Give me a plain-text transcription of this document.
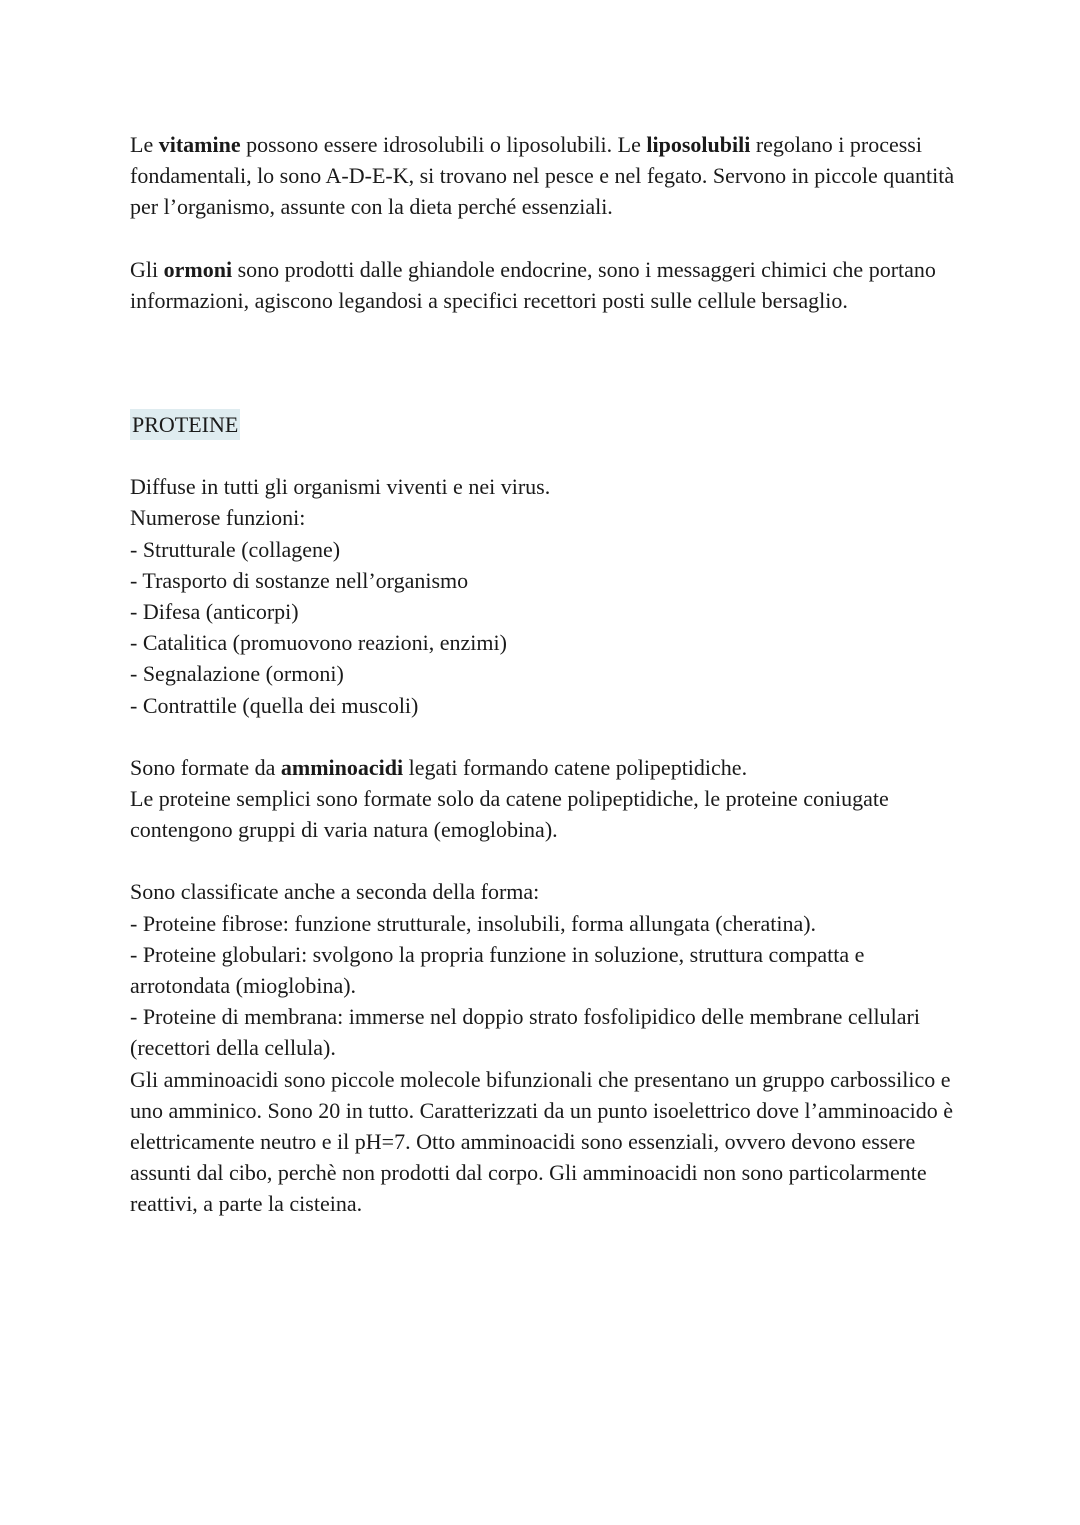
Le vitamine possono essere idrosolubili o liposolubili. Le liposolubili regolano i processi fondamentali, lo sono A-D-E-K, si trovano nel pesce e nel fegato. Servono in piccole quantità per l’organismo, assunte con la dieta perché essenziali.

Gli ormoni sono prodotti dalle ghiandole endocrine, sono i messaggeri chimici che portano informazioni, agiscono legandosi a specifici recettori posti sulle cellule bersaglio.

PROTEINE

Diffuse in tutti gli organismi viventi e nei virus.
Numerose funzioni:
- Strutturale (collagene)
- Trasporto di sostanze nell’organismo
- Difesa (anticorpi)
- Catalitica (promuovono reazioni, enzimi)
- Segnalazione (ormoni)
- Contrattile (quella dei muscoli)

Sono formate da amminoacidi legati formando catene polipeptidiche.
Le proteine semplici sono formate solo da catene polipeptidiche, le proteine coniugate contengono gruppi di varia natura (emoglobina).

Sono classificate anche a seconda della forma:
- Proteine fibrose: funzione strutturale, insolubili, forma allungata (cheratina).
- Proteine globulari: svolgono la propria funzione in soluzione, struttura compatta e arrotondata (mioglobina).
- Proteine di membrana: immerse nel doppio strato fosfolipidico delle membrane cellulari (recettori della cellula).
Gli amminoacidi sono piccole molecole bifunzionali che presentano un gruppo carbossilico e uno amminico. Sono 20 in tutto. Caratterizzati da un punto isoelettrico dove l’amminoacido è elettricamente neutro e il pH=7. Otto amminoacidi sono essenziali, ovvero devono essere assunti dal cibo, perchè non prodotti dal corpo. Gli amminoacidi non sono particolarmente reattivi, a parte la cisteina.
